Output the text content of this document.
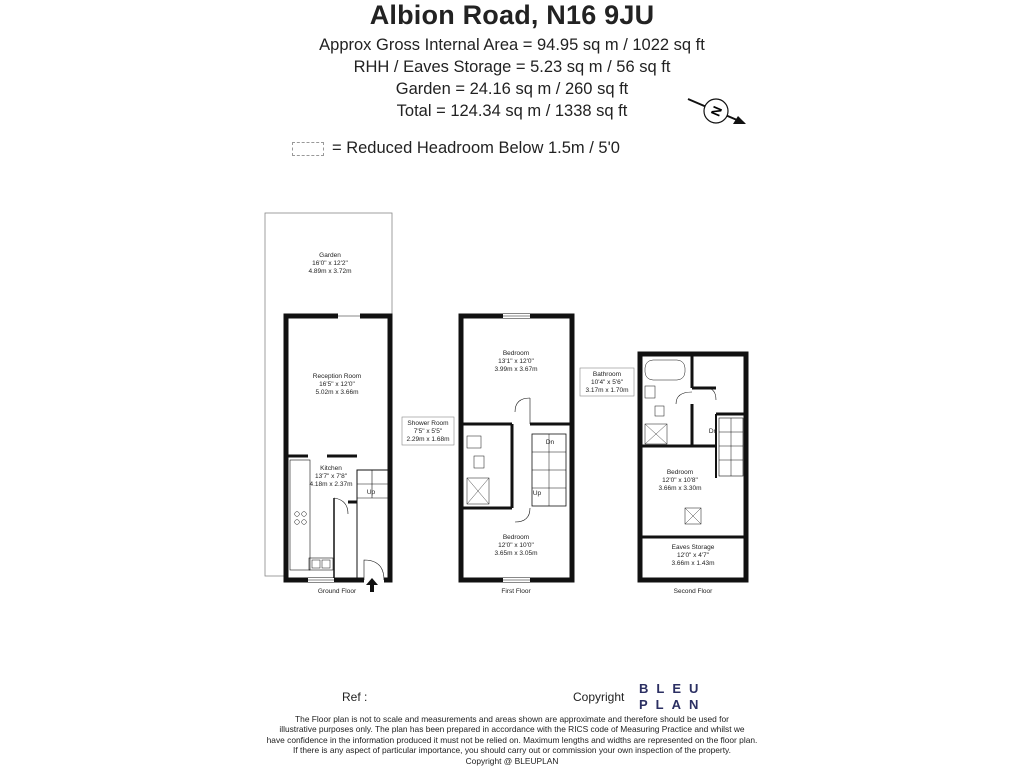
Albion Road, N16 9JU
Approx Gross Internal Area = 94.95 sq m / 1022 sq ft
RHH / Eaves Storage = 5.23 sq m / 56 sq ft
Garden = 24.16 sq m / 260 sq ft
Total = 124.34 sq m / 1338 sq ft
= Reduced Headroom Below 1.5m / 5'0
N
Garden
16'0" x 12'2"
4.89m x 3.72m
Reception Room
16'5" x 12'0"
5.02m x 3.66m
Kitchen
13'7" x 7'8"
4.18m x 2.37m
Up
Ground Floor
Shower Room
7'5" x 5'5"
2.29m x 1.68m
Bedroom
13'1" x 12'0"
3.99m x 3.67m
Bedroom
12'0" x 10'0"
3.65m x 3.05m
Dn
Up
First Floor
Bathroom
10'4" x 5'6"
3.17m x 1.70m
Bedroom
12'0" x 10'8"
3.66m x 3.30m
Eaves Storage
12'0" x 4'7"
3.66m x 1.43m
Dn
Second Floor
Ref :	Copyright
BLEU
PLAN
The Floor plan is not to scale and measurements and areas shown are approximate and therefore should be used for
illustrative purposes only. The plan has been prepared in accordance with the RICS code of Measuring Practice and whilst we
have confidence in the information produced it must not be relied on. Maximum lengths and widths are represented on the floor plan.
If there is any aspect of particular importance, you should carry out or commission your own inspection of the property.
Copyright @ BLEUPLAN
